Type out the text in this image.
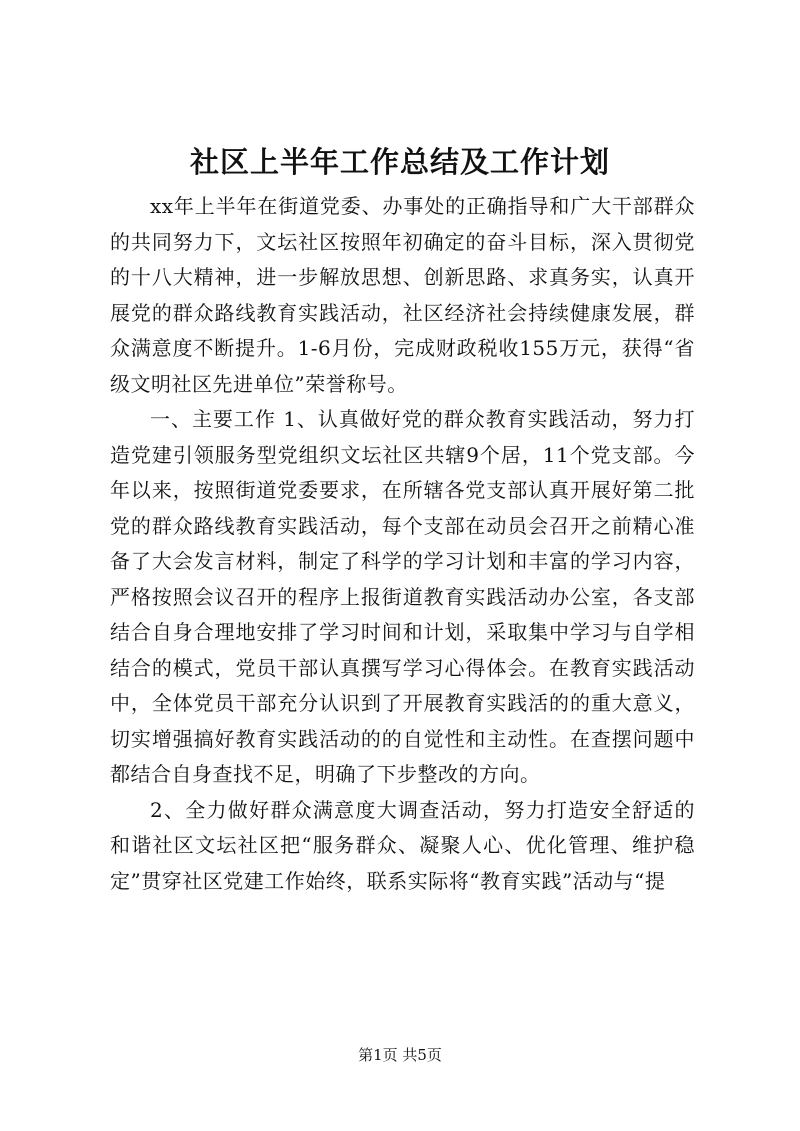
社区上半年工作总结及工作计划

xx年上半年在街道党委、办事处的正确指导和广大干部群众的共同努力下，文坛社区按照年初确定的奋斗目标，深入贯彻党的十八大精神，进一步解放思想、创新思路、求真务实，认真开展党的群众路线教育实践活动，社区经济社会持续健康发展，群众满意度不断提升。1-6月份，完成财政税收155万元，获得“省级文明社区先进单位”荣誉称号。

一、主要工作 1、认真做好党的群众教育实践活动，努力打造党建引领服务型党组织文坛社区共辖9个居，11个党支部。今年以来，按照街道党委要求，在所辖各党支部认真开展好第二批党的群众路线教育实践活动，每个支部在动员会召开之前精心准备了大会发言材料，制定了科学的学习计划和丰富的学习内容，严格按照会议召开的程序上报街道教育实践活动办公室，各支部结合自身合理地安排了学习时间和计划，采取集中学习与自学相结合的模式，党员干部认真撰写学习心得体会。在教育实践活动中，全体党员干部充分认识到了开展教育实践活的的重大意义，切实增强搞好教育实践活动的的自觉性和主动性。在查摆问题中都结合自身查找不足，明确了下步整改的方向。

2、全力做好群众满意度大调查活动，努力打造安全舒适的和谐社区文坛社区把“服务群众、凝聚人心、优化管理、维护稳定”贯穿社区党建工作始终，联系实际将“教育实践”活动与“提

第1页 共5页
